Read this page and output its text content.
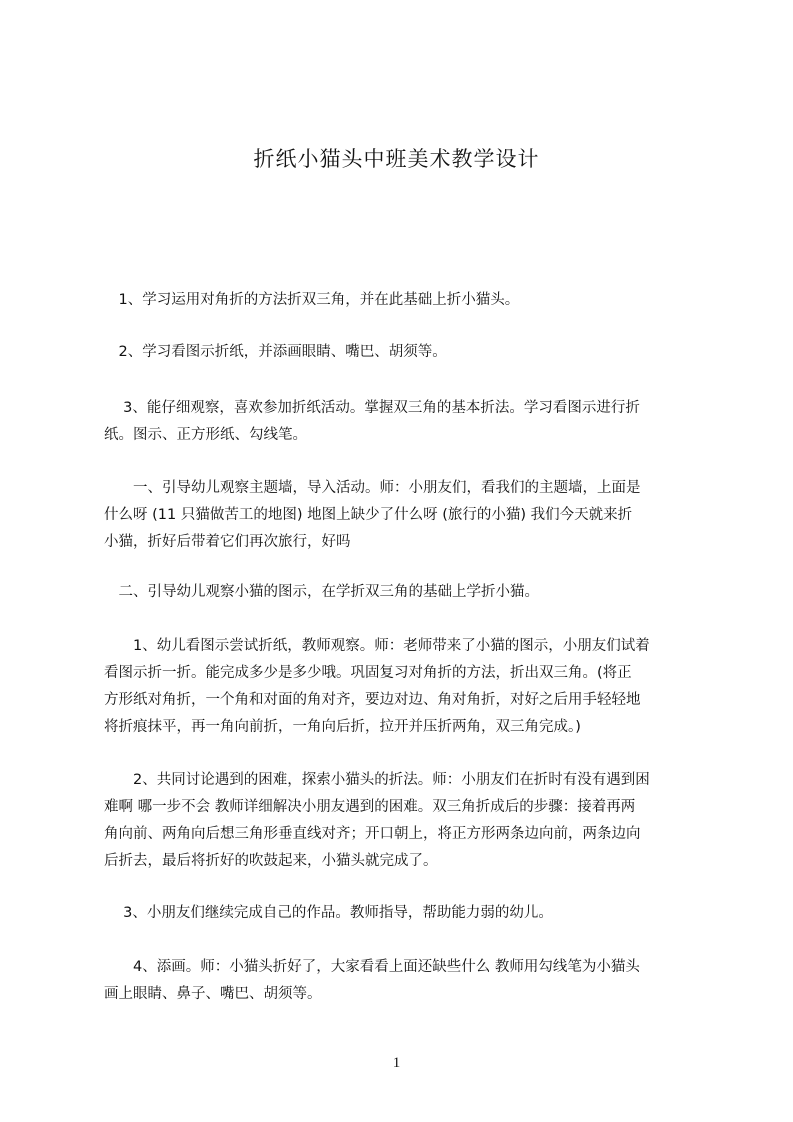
折纸小猫头中班美术教学设计
　1、学习运用对角折的方法折双三角，并在此基础上折小猫头。
　2、学习看图示折纸，并添画眼睛、嘴巴、胡须等。
　 3、能仔细观察，喜欢参加折纸活动。掌握双三角的基本折法。学习看图示进行折
纸。图示、正方形纸、勾线笔。
　　一、引导幼儿观察主题墙，导入活动。师：小朋友们，看我们的主题墙，上面是
什么呀 (11 只猫做苦工的地图) 地图上缺少了什么呀 (旅行的小猫) 我们今天就来折
小猫，折好后带着它们再次旅行，好吗
　二、引导幼儿观察小猫的图示，在学折双三角的基础上学折小猫。
　　1、幼儿看图示尝试折纸，教师观察。师：老师带来了小猫的图示，小朋友们试着
看图示折一折。能完成多少是多少哦。巩固复习对角折的方法，折出双三角。(将正
方形纸对角折，一个角和对面的角对齐，要边对边、角对角折，对好之后用手轻轻地
将折痕抹平，再一角向前折，一角向后折，拉开并压折两角，双三角完成。)
　　2、共同讨论遇到的困难，探索小猫头的折法。师：小朋友们在折时有没有遇到困
难啊 哪一步不会 教师详细解决小朋友遇到的困难。双三角折成后的步骤：接着再两
角向前、两角向后想三角形垂直线对齐；开口朝上，将正方形两条边向前，两条边向
后折去，最后将折好的吹鼓起来，小猫头就完成了。
　 3、小朋友们继续完成自己的作品。教师指导，帮助能力弱的幼儿。
　　4、添画。师：小猫头折好了，大家看看上面还缺些什么 教师用勾线笔为小猫头
画上眼睛、鼻子、嘴巴、胡须等。
1
